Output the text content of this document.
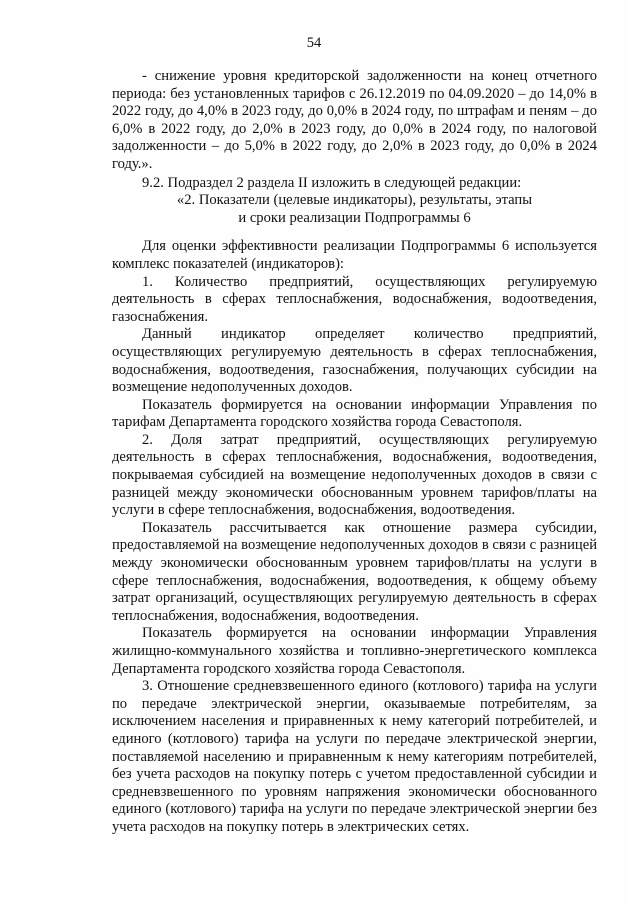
54

- снижение уровня кредиторской задолженности на конец отчетного периода: без установленных тарифов с 26.12.2019 по 04.09.2020 – до 14,0% в 2022 году, до 4,0% в 2023 году, до 0,0% в 2024 году, по штрафам и пеням – до 6,0% в 2022 году, до 2,0% в 2023 году, до 0,0% в 2024 году, по налоговой задолженности – до 5,0% в 2022 году, до 2,0% в 2023 году, до 0,0% в 2024 году.».

9.2. Подраздел 2 раздела II изложить в следующей редакции:

«2. Показатели (целевые индикаторы), результаты, этапы

и сроки реализации Подпрограммы 6

Для оценки эффективности реализации Подпрограммы 6 используется комплекс показателей (индикаторов):

1. Количество предприятий, осуществляющих регулируемую деятельность в сферах теплоснабжения, водоснабжения, водоотведения, газоснабжения.

Данный индикатор определяет количество предприятий, осуществляющих регулируемую деятельность в сферах теплоснабжения, водоснабжения, водоотведения, газоснабжения, получающих субсидии на возмещение недополученных доходов.

Показатель формируется на основании информации Управления по тарифам Департамента городского хозяйства города Севастополя.

2. Доля затрат предприятий, осуществляющих регулируемую деятельность в сферах теплоснабжения, водоснабжения, водоотведения, покрываемая субсидией на возмещение недополученных доходов в связи с разницей между экономически обоснованным уровнем тарифов/платы на услуги в сфере теплоснабжения, водоснабжения, водоотведения.

Показатель рассчитывается как отношение размера субсидии, предоставляемой на возмещение недополученных доходов в связи с разницей между экономически обоснованным уровнем тарифов/платы на услуги в сфере теплоснабжения, водоснабжения, водоотведения, к общему объему затрат организаций, осуществляющих регулируемую деятельность в сферах теплоснабжения, водоснабжения, водоотведения.

Показатель формируется на основании информации Управления жилищно-коммунального хозяйства и топливно-энергетического комплекса Департамента городского хозяйства города Севастополя.

3. Отношение средневзвешенного единого (котлового) тарифа на услуги по передаче электрической энергии, оказываемые потребителям, за исключением населения и приравненных к нему категорий потребителей, и единого (котлового) тарифа на услуги по передаче электрической энергии, поставляемой населению и приравненным к нему категориям потребителей, без учета расходов на покупку потерь с учетом предоставленной субсидии и средневзвешенного по уровням напряжения экономически обоснованного единого (котлового) тарифа на услуги по передаче электрической энергии без учета расходов на покупку потерь в электрических сетях.
